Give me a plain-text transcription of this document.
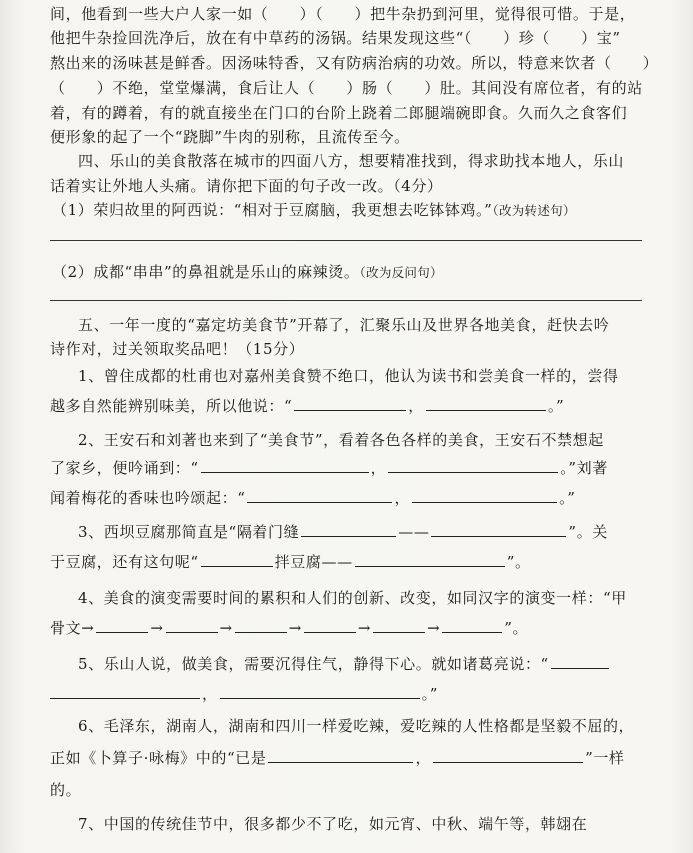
间，他看到一些大户人家一如（　　）（　　）把牛杂扔到河里，觉得很可惜。于是，
他把牛杂捡回洗净后，放在有中草药的汤锅。结果发现这些“（　　）珍（　　）宝”
熬出来的汤味甚是鲜香。因汤味特香，又有防病治病的功效。所以，特意来饮者（　　）
（　　）不绝，堂堂爆满，食后让人（　　）肠（　　）肚。其间没有席位者，有的站
着，有的蹲着，有的就直接坐在门口的台阶上跷着二郎腿端碗即食。久而久之食客们
便形象的起了一个“跷脚”牛肉的别称，且流传至今。
四、乐山的美食散落在城市的四面八方，想要精准找到，得求助找本地人，乐山
话着实让外地人头痛。请你把下面的句子改一改。（4分）
（1）荣归故里的阿西说：“相对于豆腐脑，我更想去吃钵钵鸡。”（改为转述句）
（2）成都“串串”的鼻祖就是乐山的麻辣烫。（改为反问句）
五、一年一度的“嘉定坊美食节”开幕了，汇聚乐山及世界各地美食，赶快去吟
诗作对，过关领取奖品吧！（15分）
1、曾住成都的杜甫也对嘉州美食赞不绝口，他认为读书和尝美食一样的，尝得
越多自然能辨别味美，所以他说：“	，	。”
2、王安石和刘著也来到了“美食节”，看着各色各样的美食，王安石不禁想起
了家乡，便吟诵到：“	，	。”刘著
闻着梅花的香味也吟颂起：“	，	。”
3、西坝豆腐那简直是“隔着门缝	——	”。关
于豆腐，还有这句呢“	拌豆腐——	”。
4、美食的演变需要时间的累积和人们的创新、改变，如同汉字的演变一样：“甲
骨文→	→	→	→	→	→	”。
5、乐山人说，做美食，需要沉得住气，静得下心。就如诸葛亮说：“
，	。”
6、毛泽东，湖南人，湖南和四川一样爱吃辣，爱吃辣的人性格都是坚毅不屈的，
正如《卜算子·咏梅》中的“已是	，	”一样
的。
7、中国的传统佳节中，很多都少不了吃，如元宵、中秋、端午等，韩翃在
